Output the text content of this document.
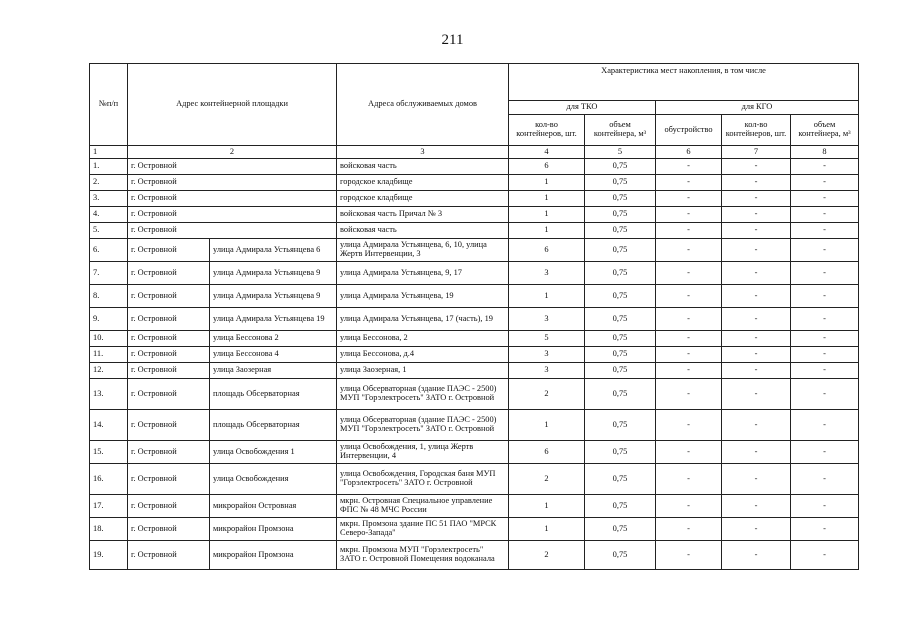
211
№п/п	Адрес контейнерной площадки		Адреса обслуживаемых домов	Характеристика мест накопления, в том числе				
				для ТКО		для КГО		
				кол-во контейнеров, шт.	объем контейнера, м³	обустройство	кол-во контейнеров, шт.	объем контейнера, м³
1	2		3	4	5	6	7	8
1.	г. Островной		войсковая часть	6	0,75	-	-	-
2.	г. Островной		городское кладбище	1	0,75	-	-	-
3.	г. Островной		городское кладбище	1	0,75	-	-	-
4.	г. Островной		войсковая часть Причал № 3	1	0,75	-	-	-
5.	г. Островной		войсковая часть	1	0,75	-	-	-
6.	г. Островной	улица Адмирала Устьянцева 6	улица Адмирала Устьянцева, 6, 10, улица Жертв Интервенции, 3	6	0,75	-	-	-
7.	г. Островной	улица Адмирала Устьянцева 9	улица Адмирала Устьянцева, 9, 17	3	0,75	-	-	-
8.	г. Островной	улица Адмирала Устьянцева 9	улица Адмирала Устьянцева, 19	1	0,75	-	-	-
9.	г. Островной	улица Адмирала Устьянцева 19	улица Адмирала Устьянцева, 17 (часть), 19	3	0,75	-	-	-
10.	г. Островной	улица Бессонова 2	улица Бессонова, 2	5	0,75	-	-	-
11.	г. Островной	улица Бессонова 4	улица Бессонова, д.4	3	0,75	-	-	-
12.	г. Островной	улица Заозерная	улица Заозерная, 1	3	0,75	-	-	-
13.	г. Островной	площадь Обсерваторная	улица Обсерваторная (здание ПАЭС - 2500) МУП "Горэлектросеть" ЗАТО г. Островной	2	0,75	-	-	-
14.	г. Островной	площадь Обсерваторная	улица Обсерваторная (здание ПАЭС - 2500) МУП "Горэлектросеть" ЗАТО г. Островной	1	0,75	-	-	-
15.	г. Островной	улица Освобождения 1	улица Освобождения, 1, улица Жертв Интервенции, 4	6	0,75	-	-	-
16.	г. Островной	улица Освобождения	улица Освобождения, Городская баня МУП "Горэлектросеть" ЗАТО г. Островной	2	0,75	-	-	-
17.	г. Островной	микрорайон Островная	мкрн. Островная Специальное управление ФПС № 48 МЧС России	1	0,75	-	-	-
18.	г. Островной	микрорайон Промзона	мкрн. Промзона здание ПС 51 ПАО "МРСК Северо-Запада"	1	0,75	-	-	-
19.	г. Островной	микрорайон Промзона	мкрн. Промзона МУП "Горэлектросеть" ЗАТО г. Островной Помещения водоканала	2	0,75	-	-	-
